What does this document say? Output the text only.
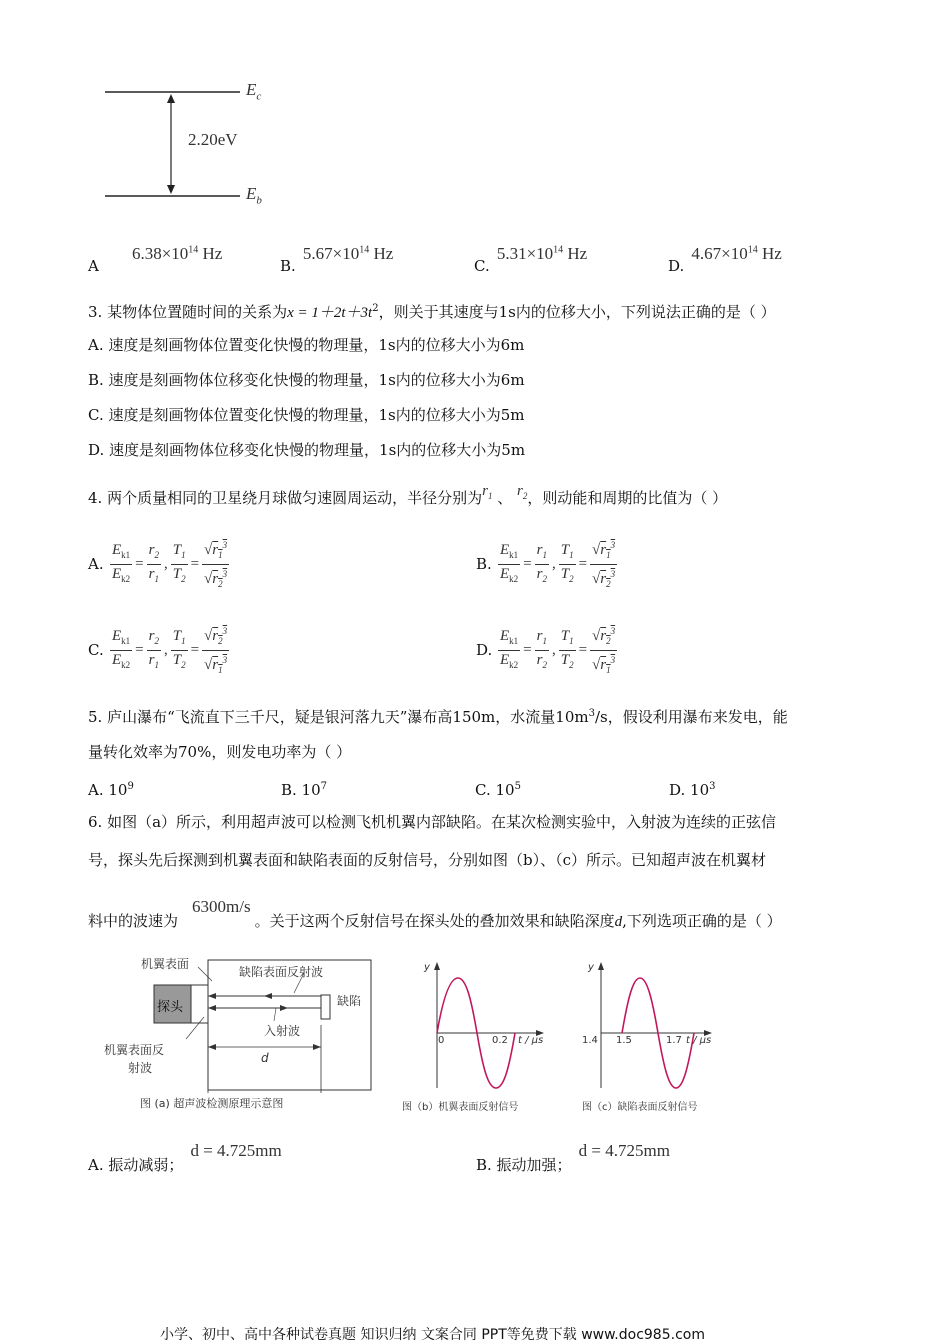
$E_c$
$E_b$
2.20eV
A $6.38\times 10^{14}$ Hz
B. $5.67\times 10^{14}$ Hz
C. $5.31\times 10^{14}$ Hz
D. $4.67\times 10^{14}$ Hz
3. 某物体位置随时间的关系为$x = 1+2t+3t^2$，则关于其速度与1s内的位移大小，下列说法正确的是（ ）
A. 速度是刻画物体位置变化快慢的物理量，1s内的位移大小为6m
B. 速度是刻画物体位移变化快慢的物理量，1s内的位移大小为6m
C. 速度是刻画物体位置变化快慢的物理量，1s内的位移大小为5m
D. 速度是刻画物体位移变化快慢的物理量，1s内的位移大小为5m
4. 两个质量相同的卫星绕月球做匀速圆周运动，半径分别为$r_1$ 、 $r_2$，则动能和周期的比值为（ ）
A. $\frac{E_{k1}}{E_{k2}} = \frac{r_2}{r_1}$ , $\frac{T_1}{T_2} = \frac{√r_1^3}{√r_2^3}$	B. $\frac{E_{k1}}{E_{k2}} = \frac{r_1}{r_2}$ , $\frac{T_1}{T_2} = \frac{√r_1^3}{√r_2^3}$
C. $\frac{E_{k1}}{E_{k2}} = \frac{r_2}{r_1}$ , $\frac{T_1}{T_2} = \frac{√r_2^3}{√r_1^3}$	D. $\frac{E_{k1}}{E_{k2}} = \frac{r_1}{r_2}$ , $\frac{T_1}{T_2} = \frac{√r_2^3}{√r_1^3}$
5. 庐山瀑布“飞流直下三千尺，疑是银河落九天”瀑布高150m，水流量$10m^3/s$，假设利用瀑布来发电，能
量转化效率为70%，则发电功率为（ ）
A. $10^9$	B. $10^7$	C. $10^5$	D. $10^3$
6. 如图（a）所示，利用超声波可以检测飞机机翼内部缺陷。在某次检测实验中，入射波为连续的正弦信
号，探头先后探测到机翼表面和缺陷表面的反射信号，分别如图（b）、（c）所示。已知超声波在机翼材
料中的波速为6300m/s。关于这两个反射信号在探头处的叠加效果和缺陷深度d,下列选项正确的是（ ）
机翼表面
探头
缺陷表面反射波
缺陷
入射波
机翼表面反
射波
d
图 (a) 超声波检测原理示意图
y
0	0.2 t / μs
图（b）机翼表面反射信号
y
1.4 1.5	1.7 t / μs
图（c）缺陷表面反射信号
A. 振动减弱； d = 4.725mm
B. 振动加强； d = 4.725mm
小学、初中、高中各种试卷真题 知识归纳 文案合同 PPT等免费下载 www.doc985.com
